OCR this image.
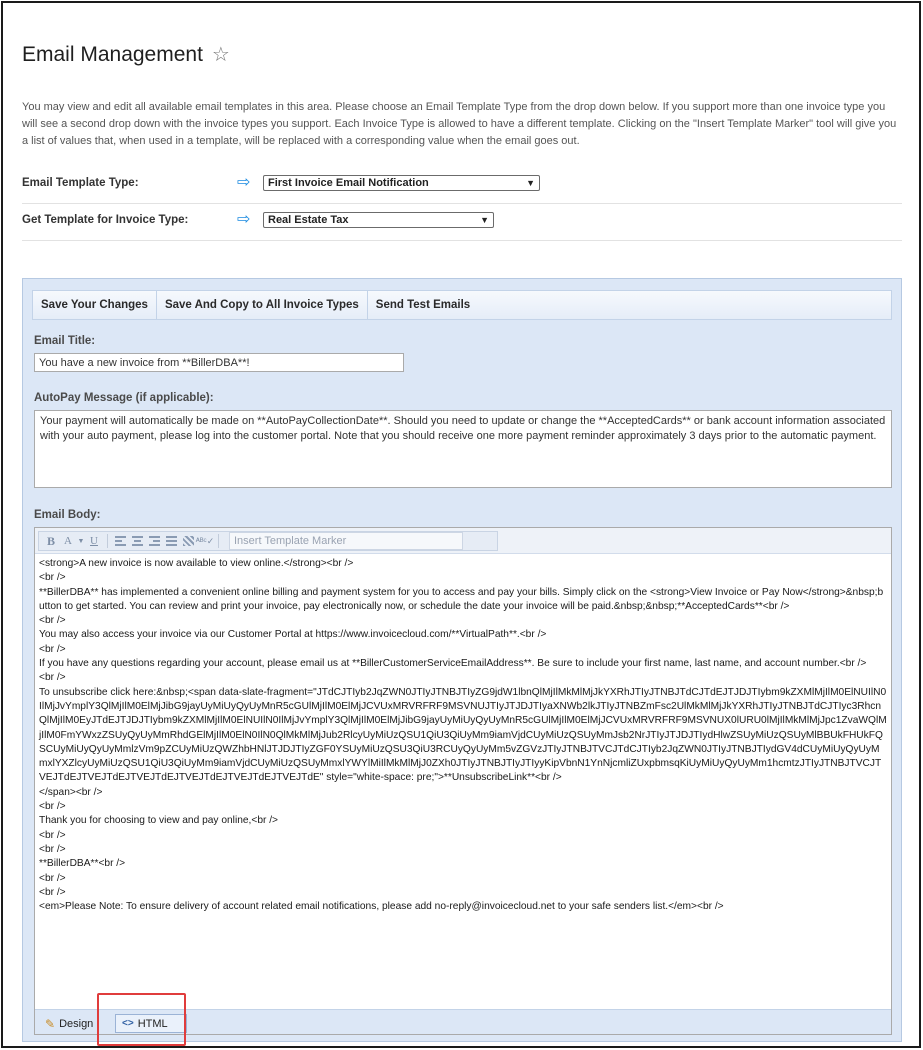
Email Management ☆
You may view and edit all available email templates in this area. Please choose an Email Template Type from the drop down below. If you support more than one invoice type you will see a second drop down with the invoice types you support. Each Invoice Type is allowed to have a different template. Clicking on the "Insert Template Marker" tool will give you a list of values that, when used in a template, will be replaced with a corresponding value when the email goes out.
Email Template Type:	⇨	First Invoice Email Notification	▼
Get Template for Invoice Type:	⇨	Real Estate Tax	▼
Save Your Changes	Save And Copy to All Invoice Types	Send Test Emails
Email Title:
You have a new invoice from **BillerDBA**!
AutoPay Message (if applicable):
Your payment will automatically be made on **AutoPayCollectionDate**. Should you need to update or change the **AcceptedCards** or bank account information associated with your auto payment, please log into the customer portal. Note that you should receive one more payment reminder approximately 3 days prior to the automatic payment.
Email Body:
B A ▼ U	ᴬᴮᶜ✓	Insert Template Marker
<strong>A new invoice is now available to view online.</strong><br />
<br />
**BillerDBA** has implemented a convenient online billing and payment system for you to access and pay your bills. Simply click on the <strong>View Invoice or Pay Now</strong>&nbsp;button to get started. You can review and print your invoice, pay electronically now, or schedule the date your invoice will be paid.&nbsp;&nbsp;**AcceptedCards**<br />
<br />
You may also access your invoice via our Customer Portal at https://www.invoicecloud.com/**VirtualPath**.<br />
<br />
If you have any questions regarding your account, please email us at **BillerCustomerServiceEmailAddress**. Be sure to include your first name, last name, and account number.<br />
<br />
To unsubscribe click here:&nbsp;<span data-slate-fragment="JTdCJTIyb2JqZWN0JTIyJTNBJTIyZG9jdW1lbnQlMjIlMkMlMjJkYXRhJTIyJTNBJTdCJTdEJTJDJTIybm9kZXMlMjIlM0ElNUIlN0IlMjJvYmplY3QlMjIlM0ElMjJibG9jayUyMiUyQyUyMnR5cGUlMjIlM0ElMjJCVUxMRVRFRF9MSVNUJTIyJTJDJTIyaXNWb2lkJTIyJTNBZmFsc2UlMkMlMjJkYXRhJTIyJTNBJTdCJTIyc3RhcnQlMjIlM0EyJTdEJTJDJTIybm9kZXMlMjIlM0ElNUIlN0IlMjJvYmplY3QlMjIlM0ElMjJibG9jayUyMiUyQyUyMnR5cGUlMjIlM0ElMjJCVUxMRVRFRF9MSVNUX0lURU0lMjIlMkMlMjJpc1ZvaWQlMjIlM0FmYWxzZSUyQyUyMmRhdGElMjIlM0ElN0IlN0QlMkMlMjJub2RlcyUyMiUzQSU1QiU3QiUyMm9iamVjdCUyMiUzQSUyMmJsb2NrJTIyJTJDJTIydHlwZSUyMiUzQSUyMlBBUkFHUkFQSCUyMiUyQyUyMmlzVm9pZCUyMiUzQWZhbHNlJTJDJTIyZGF0YSUyMiUzQSU3QiU3RCUyQyUyMm5vZGVzJTIyJTNBJTVCJTdCJTIyb2JqZWN0JTIyJTNBJTIydGV4dCUyMiUyQyUyMmxlYXZlcyUyMiUzQSU1QiU3QiUyMm9iamVjdCUyMiUzQSUyMmxlYWYlMiIlMkMlMjJ0ZXh0JTIyJTNBJTIyJTIyyKipVbnN1YnNjcmliZUxpbmsqKiUyMiUyQyUyMm1hcmtzJTIyJTNBJTVCJTVEJTdEJTVEJTdEJTVEJTdEJTVEJTdEJTVEJTdEJTVEJTdE" style="white-space: pre;">**UnsubscribeLink**<br />
</span><br />
<br />
Thank you for choosing to view and pay online,<br />
<br />
<br />
**BillerDBA**<br />
<br />
<br />
<em>Please Note: To ensure delivery of account related email notifications, please add no-reply@invoicecloud.net to your safe senders list.</em><br />
✎ Design	<> HTML
